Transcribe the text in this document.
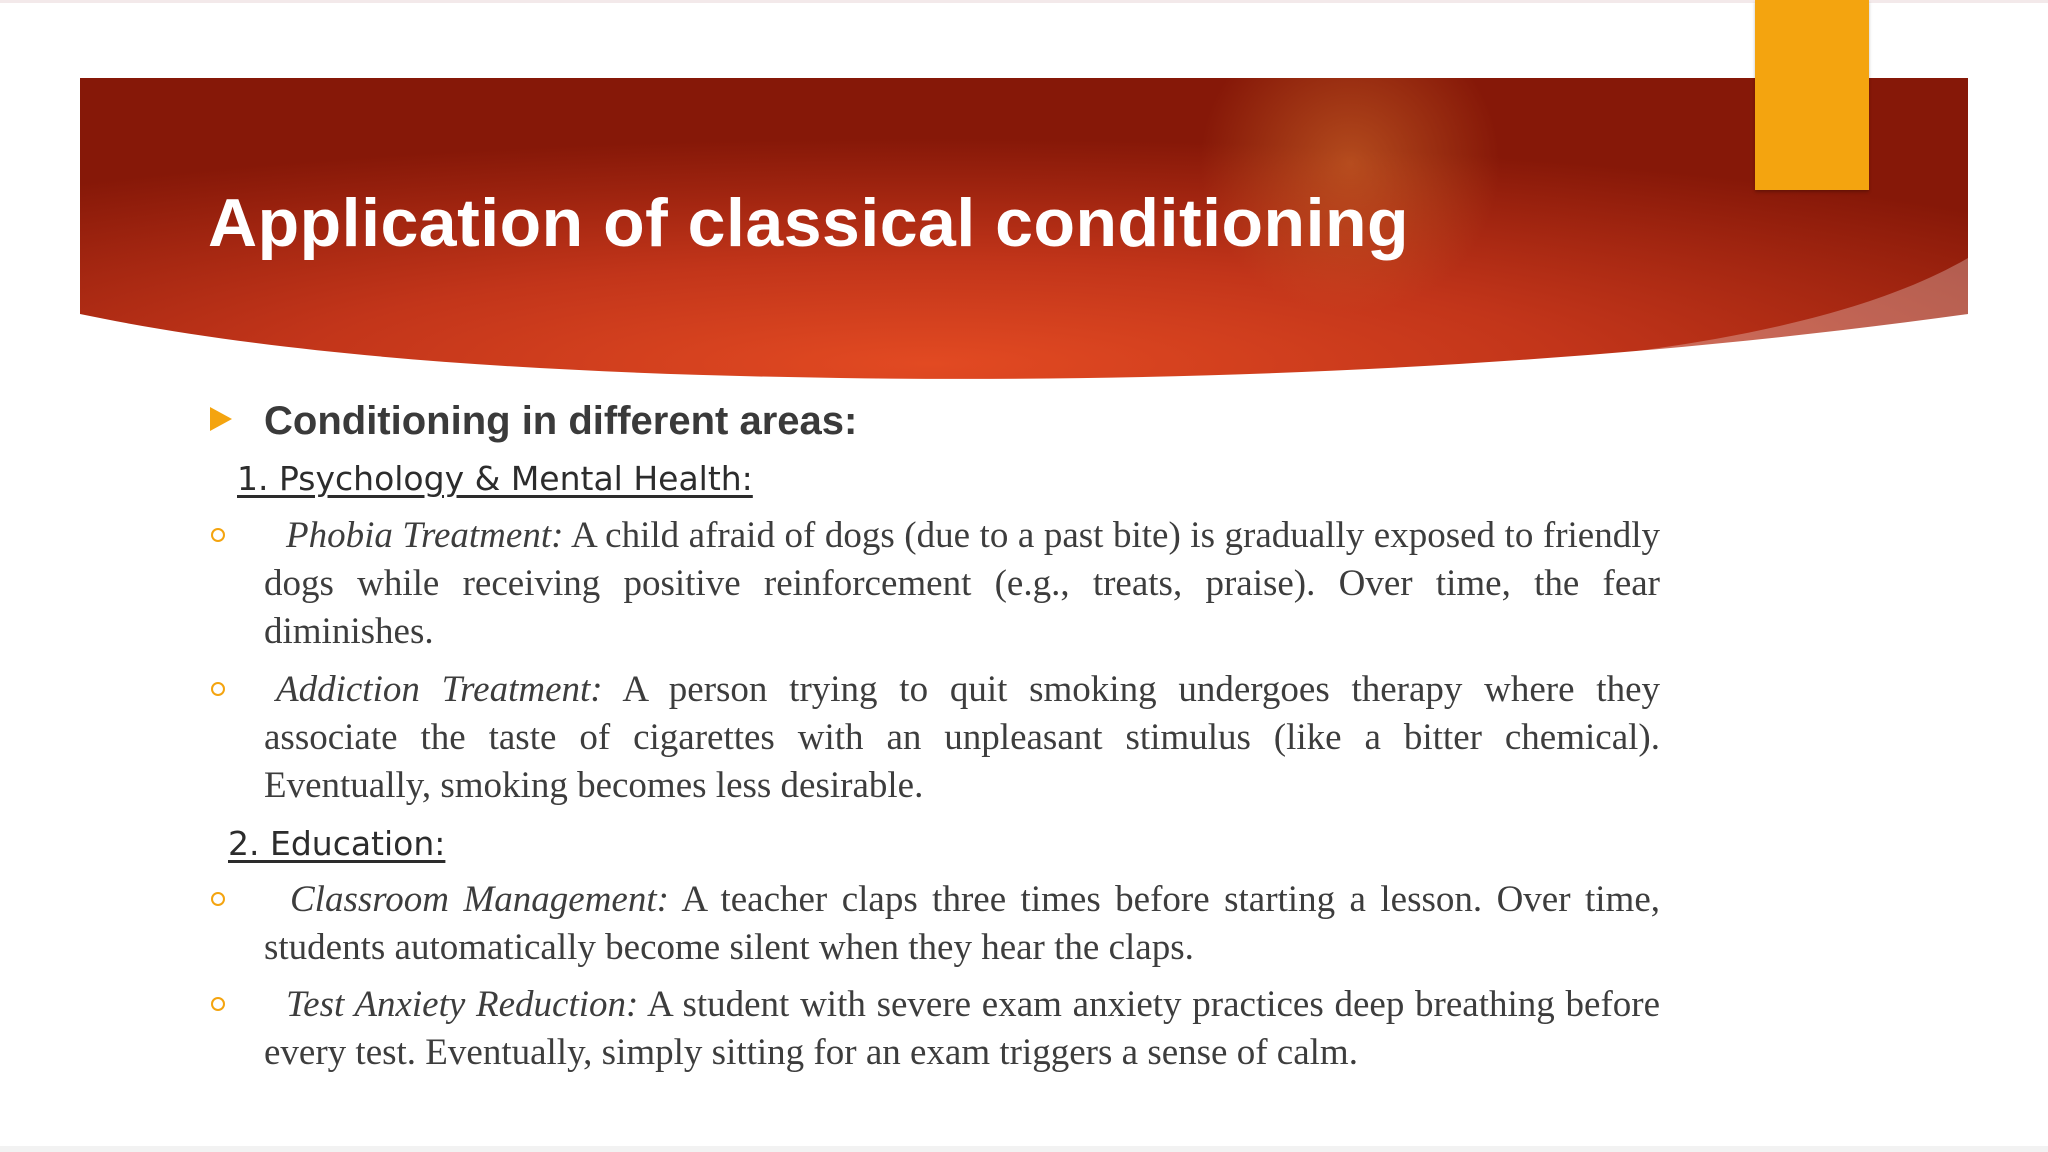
Application of classical conditioning
Conditioning in different areas:
1. Psychology & Mental Health:
Phobia Treatment: A child afraid of dogs (due to a past bite) is gradually exposed to friendly dogs while receiving positive reinforcement (e.g., treats, praise). Over time, the fear diminishes.
Addiction Treatment: A person trying to quit smoking undergoes therapy where they associate the taste of cigarettes with an unpleasant stimulus (like a bitter chemical). Eventually, smoking becomes less desirable.
2. Education:
Classroom Management: A teacher claps three times before starting a lesson. Over time, students automatically become silent when they hear the claps.
Test Anxiety Reduction: A student with severe exam anxiety practices deep breathing before every test. Eventually, simply sitting for an exam triggers a sense of calm.
